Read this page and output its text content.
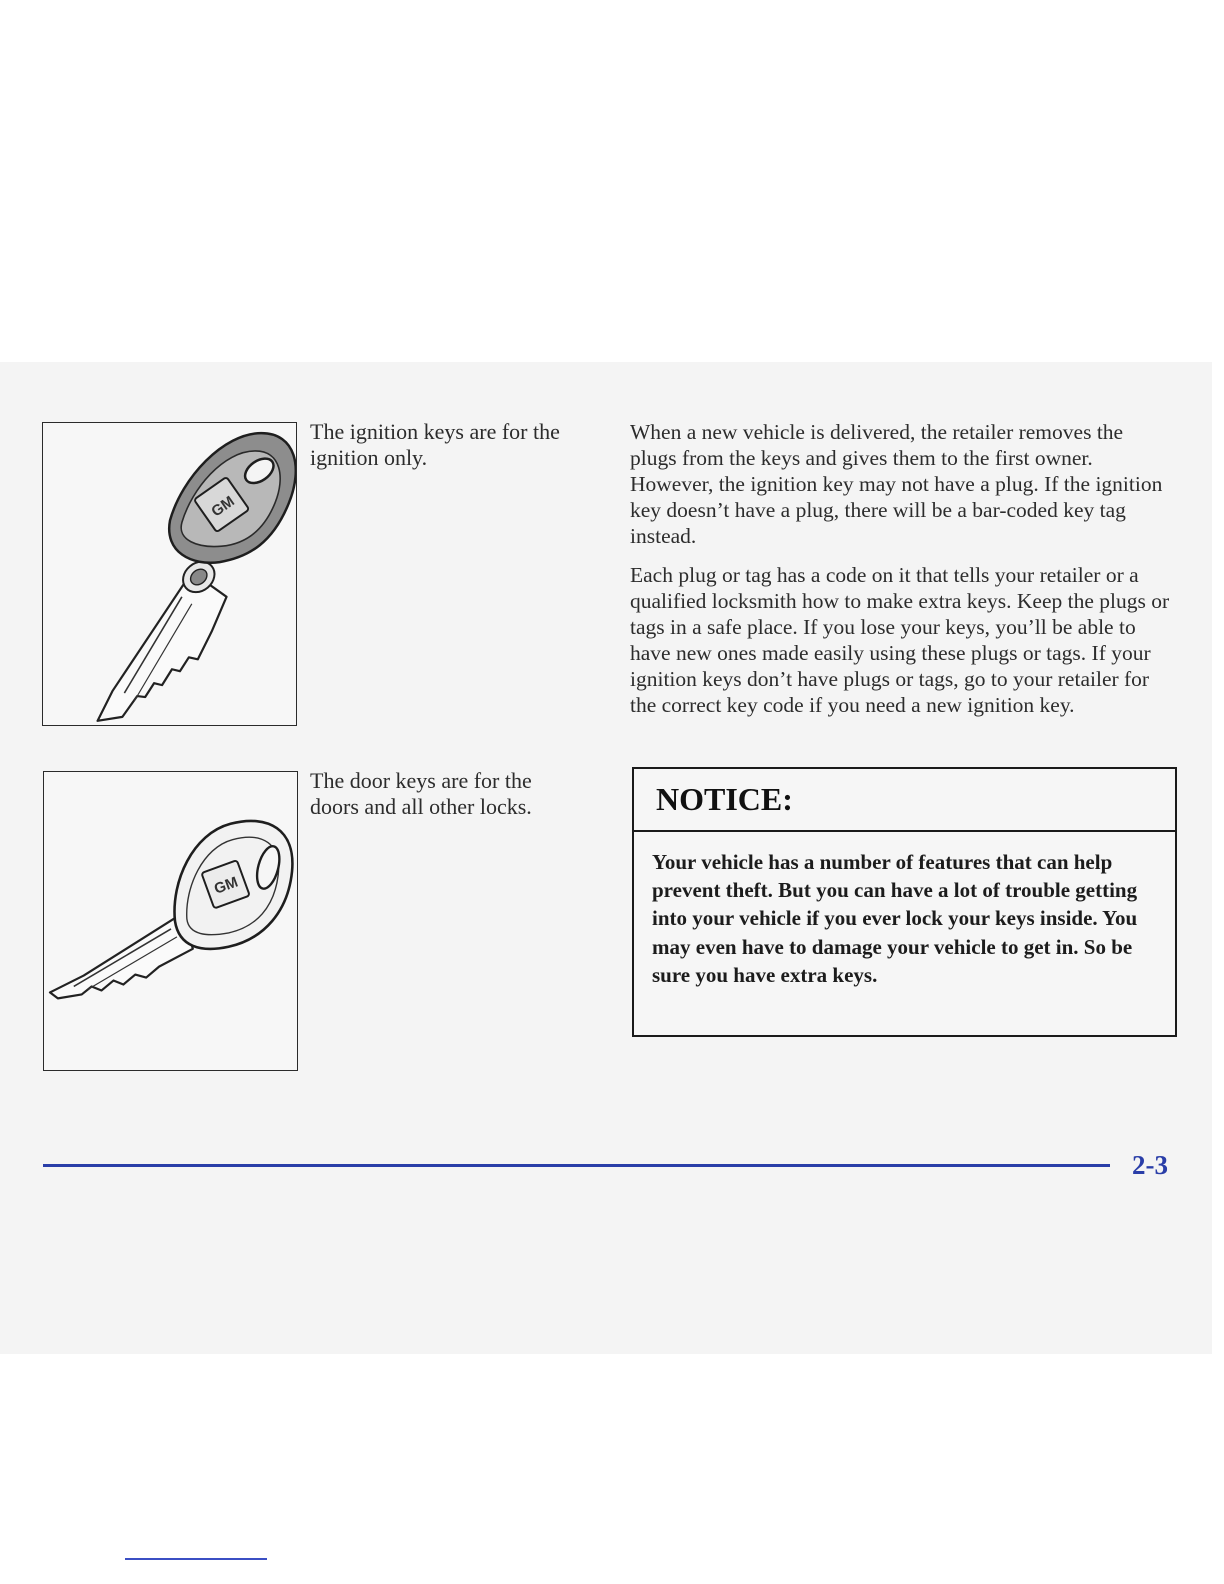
GM
The ignition keys are for the ignition only.
GM
The door keys are for the doors and all other locks.

When a new vehicle is delivered, the retailer removes the plugs from the keys and gives them to the first owner. However, the ignition key may not have a plug. If the ignition key doesn’t have a plug, there will be a bar-coded key tag instead.

Each plug or tag has a code on it that tells your retailer or a qualified locksmith how to make extra keys. Keep the plugs or tags in a safe place. If you lose your keys, you’ll be able to have new ones made easily using these plugs or tags. If your ignition keys don’t have plugs or tags, go to your retailer for the correct key code if you need a new ignition key.

NOTICE:
Your vehicle has a number of features that can help prevent theft. But you can have a lot of trouble getting into your vehicle if you ever lock your keys inside. You may even have to damage your vehicle to get in. So be sure you have extra keys.
2-3
